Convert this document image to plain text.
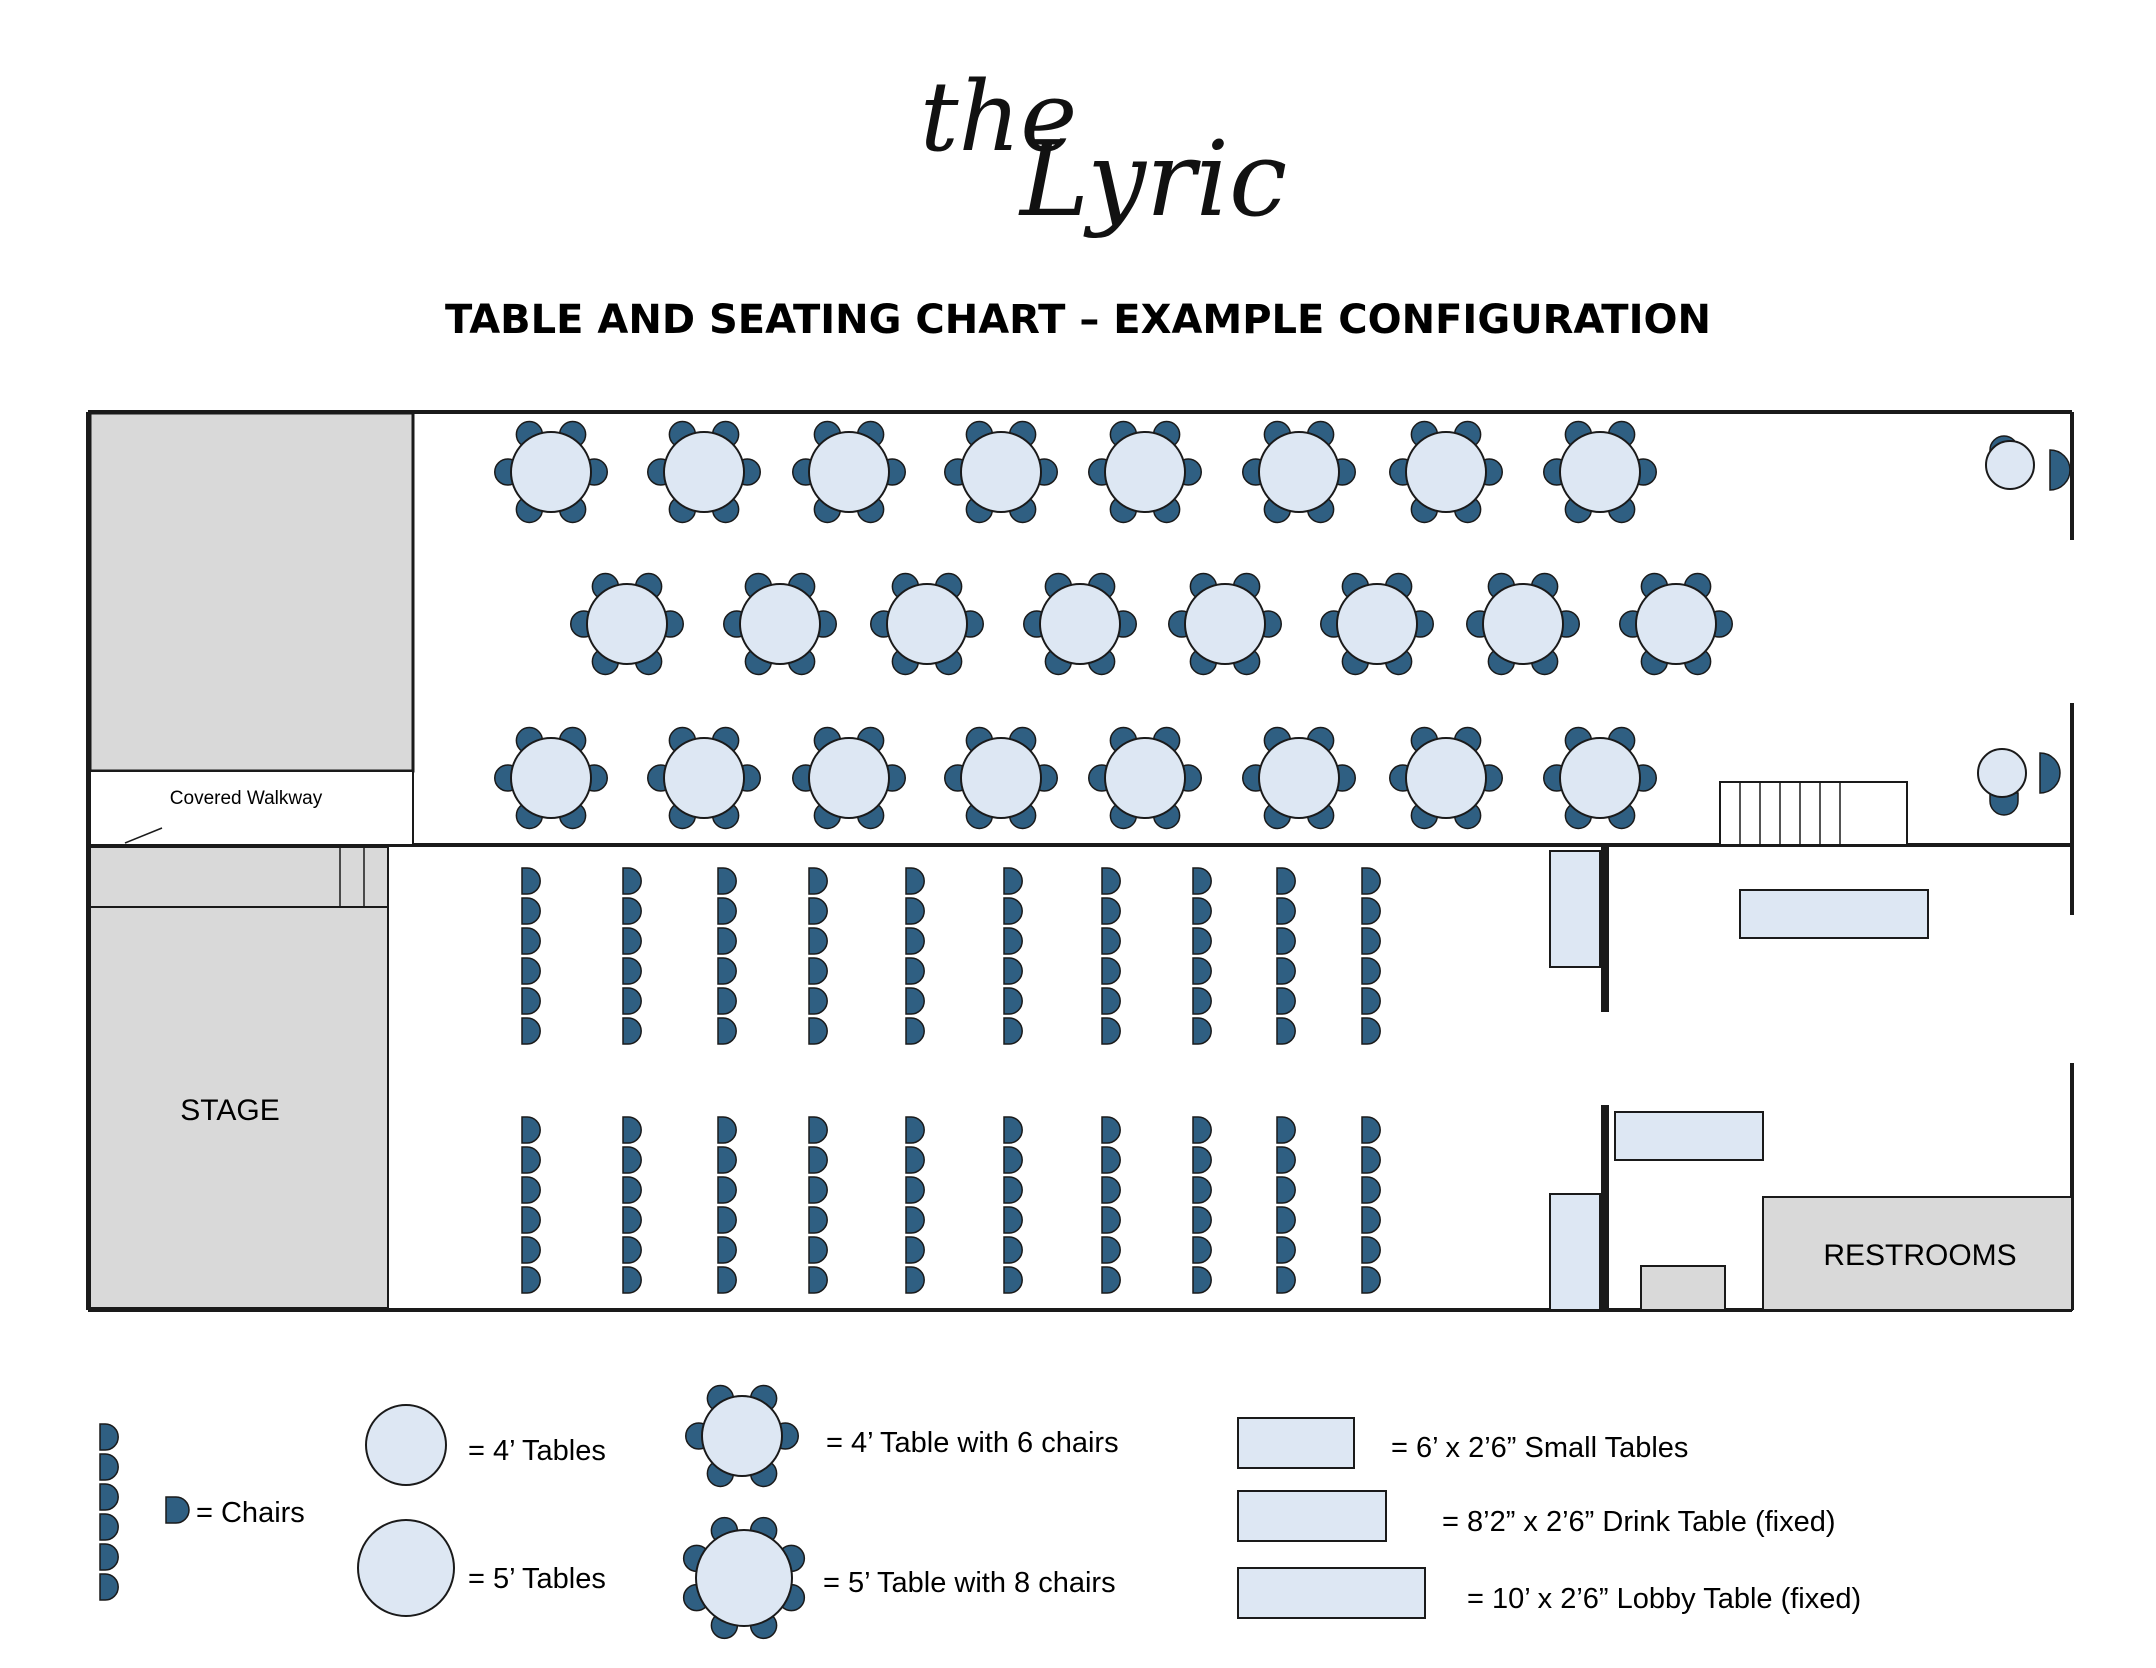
the
Lyric
TABLE AND SEATING CHART – EXAMPLE CONFIGURATION
Covered Walkway
STAGE
RESTROOMS
= Chairs
= 4’ Tables
= 5’ Tables
= 4’ Table with 6 chairs
= 5’ Table with 8 chairs
= 6’ x 2’6” Small Tables
= 8’2” x 2’6” Drink Table (fixed)
= 10’ x 2’6” Lobby Table (fixed)
